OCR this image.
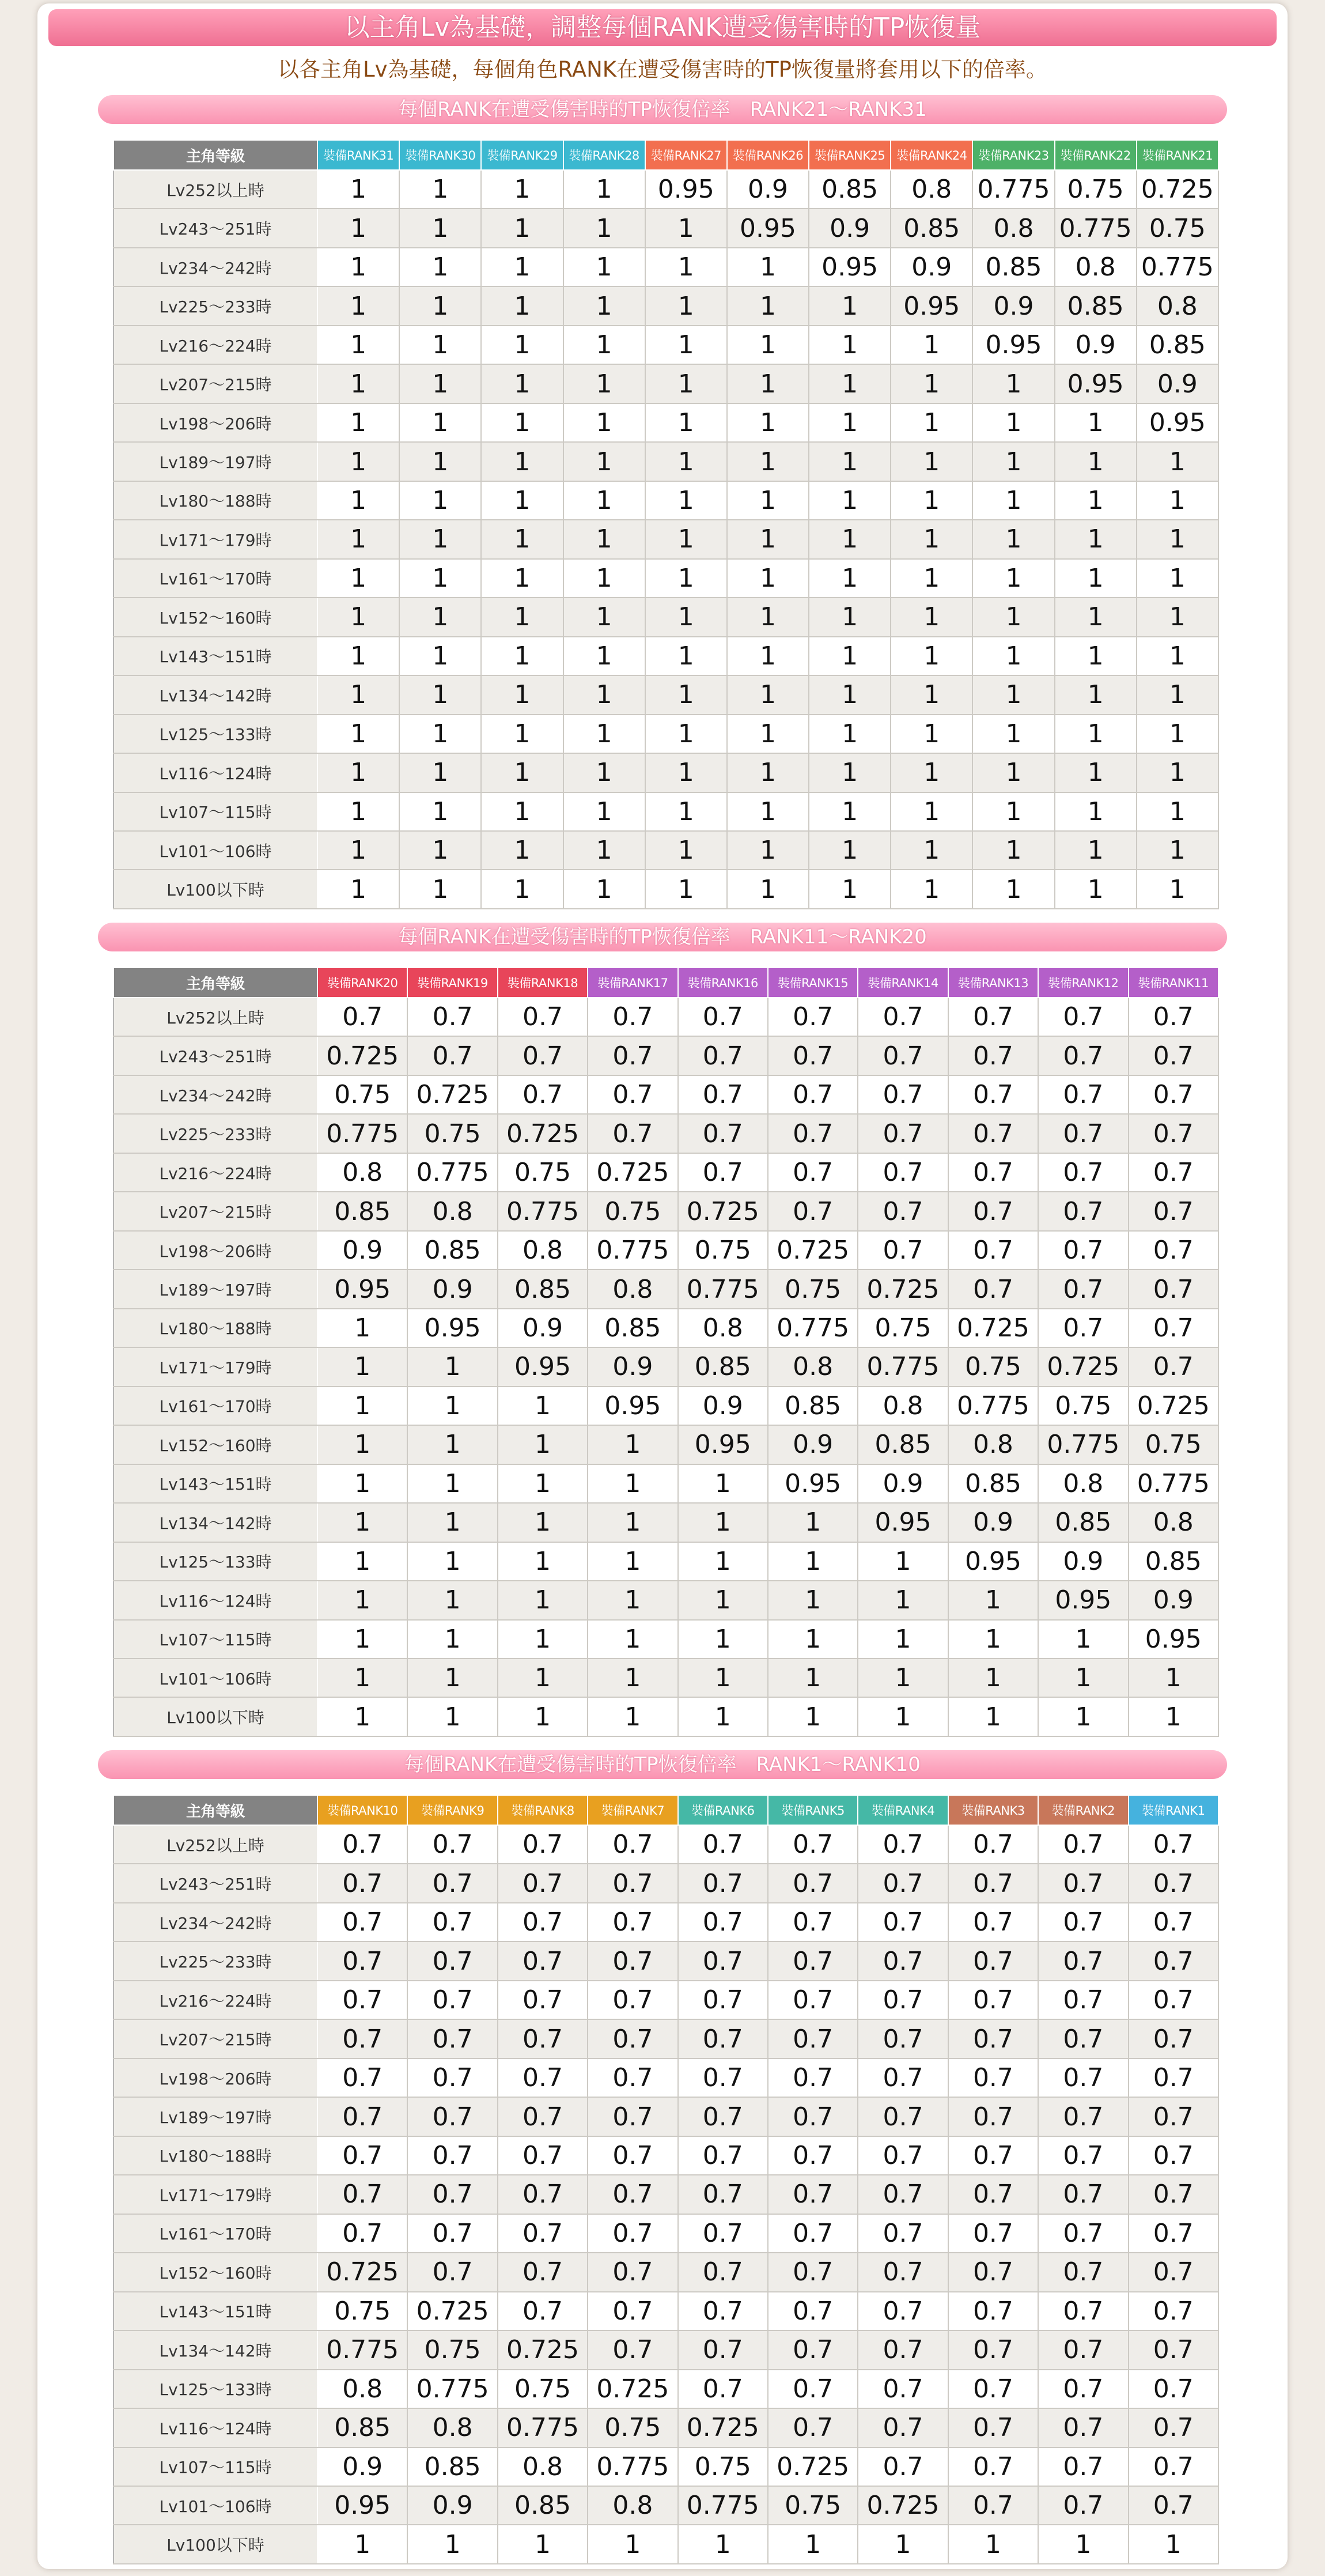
以主角Lv為基礎，調整每個RANK遭受傷害時的TP恢復量
以各主角Lv為基礎，每個角色RANK在遭受傷害時的TP恢復量將套用以下的倍率。
每個RANK在遭受傷害時的TP恢復倍率　RANK21～RANK31
主角等級	裝備RANK31	裝備RANK30	裝備RANK29	裝備RANK28	裝備RANK27	裝備RANK26	裝備RANK25	裝備RANK24	裝備RANK23	裝備RANK22	裝備RANK21
Lv252以上時	1	1	1	1	0.95	0.9	0.85	0.8	0.775	0.75	0.725
Lv243～251時	1	1	1	1	1	0.95	0.9	0.85	0.8	0.775	0.75
Lv234～242時	1	1	1	1	1	1	0.95	0.9	0.85	0.8	0.775
Lv225～233時	1	1	1	1	1	1	1	0.95	0.9	0.85	0.8
Lv216～224時	1	1	1	1	1	1	1	1	0.95	0.9	0.85
Lv207～215時	1	1	1	1	1	1	1	1	1	0.95	0.9
Lv198～206時	1	1	1	1	1	1	1	1	1	1	0.95
Lv189～197時	1	1	1	1	1	1	1	1	1	1	1
Lv180～188時	1	1	1	1	1	1	1	1	1	1	1
Lv171～179時	1	1	1	1	1	1	1	1	1	1	1
Lv161～170時	1	1	1	1	1	1	1	1	1	1	1
Lv152～160時	1	1	1	1	1	1	1	1	1	1	1
Lv143～151時	1	1	1	1	1	1	1	1	1	1	1
Lv134～142時	1	1	1	1	1	1	1	1	1	1	1
Lv125～133時	1	1	1	1	1	1	1	1	1	1	1
Lv116～124時	1	1	1	1	1	1	1	1	1	1	1
Lv107～115時	1	1	1	1	1	1	1	1	1	1	1
Lv101～106時	1	1	1	1	1	1	1	1	1	1	1
Lv100以下時	1	1	1	1	1	1	1	1	1	1	1
每個RANK在遭受傷害時的TP恢復倍率　RANK11～RANK20
主角等級	裝備RANK20	裝備RANK19	裝備RANK18	裝備RANK17	裝備RANK16	裝備RANK15	裝備RANK14	裝備RANK13	裝備RANK12	裝備RANK11
Lv252以上時	0.7	0.7	0.7	0.7	0.7	0.7	0.7	0.7	0.7	0.7
Lv243～251時	0.725	0.7	0.7	0.7	0.7	0.7	0.7	0.7	0.7	0.7
Lv234～242時	0.75	0.725	0.7	0.7	0.7	0.7	0.7	0.7	0.7	0.7
Lv225～233時	0.775	0.75	0.725	0.7	0.7	0.7	0.7	0.7	0.7	0.7
Lv216～224時	0.8	0.775	0.75	0.725	0.7	0.7	0.7	0.7	0.7	0.7
Lv207～215時	0.85	0.8	0.775	0.75	0.725	0.7	0.7	0.7	0.7	0.7
Lv198～206時	0.9	0.85	0.8	0.775	0.75	0.725	0.7	0.7	0.7	0.7
Lv189～197時	0.95	0.9	0.85	0.8	0.775	0.75	0.725	0.7	0.7	0.7
Lv180～188時	1	0.95	0.9	0.85	0.8	0.775	0.75	0.725	0.7	0.7
Lv171～179時	1	1	0.95	0.9	0.85	0.8	0.775	0.75	0.725	0.7
Lv161～170時	1	1	1	0.95	0.9	0.85	0.8	0.775	0.75	0.725
Lv152～160時	1	1	1	1	0.95	0.9	0.85	0.8	0.775	0.75
Lv143～151時	1	1	1	1	1	0.95	0.9	0.85	0.8	0.775
Lv134～142時	1	1	1	1	1	1	0.95	0.9	0.85	0.8
Lv125～133時	1	1	1	1	1	1	1	0.95	0.9	0.85
Lv116～124時	1	1	1	1	1	1	1	1	0.95	0.9
Lv107～115時	1	1	1	1	1	1	1	1	1	0.95
Lv101～106時	1	1	1	1	1	1	1	1	1	1
Lv100以下時	1	1	1	1	1	1	1	1	1	1
每個RANK在遭受傷害時的TP恢復倍率　RANK1～RANK10
主角等級	裝備RANK10	裝備RANK9	裝備RANK8	裝備RANK7	裝備RANK6	裝備RANK5	裝備RANK4	裝備RANK3	裝備RANK2	裝備RANK1
Lv252以上時	0.7	0.7	0.7	0.7	0.7	0.7	0.7	0.7	0.7	0.7
Lv243～251時	0.7	0.7	0.7	0.7	0.7	0.7	0.7	0.7	0.7	0.7
Lv234～242時	0.7	0.7	0.7	0.7	0.7	0.7	0.7	0.7	0.7	0.7
Lv225～233時	0.7	0.7	0.7	0.7	0.7	0.7	0.7	0.7	0.7	0.7
Lv216～224時	0.7	0.7	0.7	0.7	0.7	0.7	0.7	0.7	0.7	0.7
Lv207～215時	0.7	0.7	0.7	0.7	0.7	0.7	0.7	0.7	0.7	0.7
Lv198～206時	0.7	0.7	0.7	0.7	0.7	0.7	0.7	0.7	0.7	0.7
Lv189～197時	0.7	0.7	0.7	0.7	0.7	0.7	0.7	0.7	0.7	0.7
Lv180～188時	0.7	0.7	0.7	0.7	0.7	0.7	0.7	0.7	0.7	0.7
Lv171～179時	0.7	0.7	0.7	0.7	0.7	0.7	0.7	0.7	0.7	0.7
Lv161～170時	0.7	0.7	0.7	0.7	0.7	0.7	0.7	0.7	0.7	0.7
Lv152～160時	0.725	0.7	0.7	0.7	0.7	0.7	0.7	0.7	0.7	0.7
Lv143～151時	0.75	0.725	0.7	0.7	0.7	0.7	0.7	0.7	0.7	0.7
Lv134～142時	0.775	0.75	0.725	0.7	0.7	0.7	0.7	0.7	0.7	0.7
Lv125～133時	0.8	0.775	0.75	0.725	0.7	0.7	0.7	0.7	0.7	0.7
Lv116～124時	0.85	0.8	0.775	0.75	0.725	0.7	0.7	0.7	0.7	0.7
Lv107～115時	0.9	0.85	0.8	0.775	0.75	0.725	0.7	0.7	0.7	0.7
Lv101～106時	0.95	0.9	0.85	0.8	0.775	0.75	0.725	0.7	0.7	0.7
Lv100以下時	1	1	1	1	1	1	1	1	1	1
